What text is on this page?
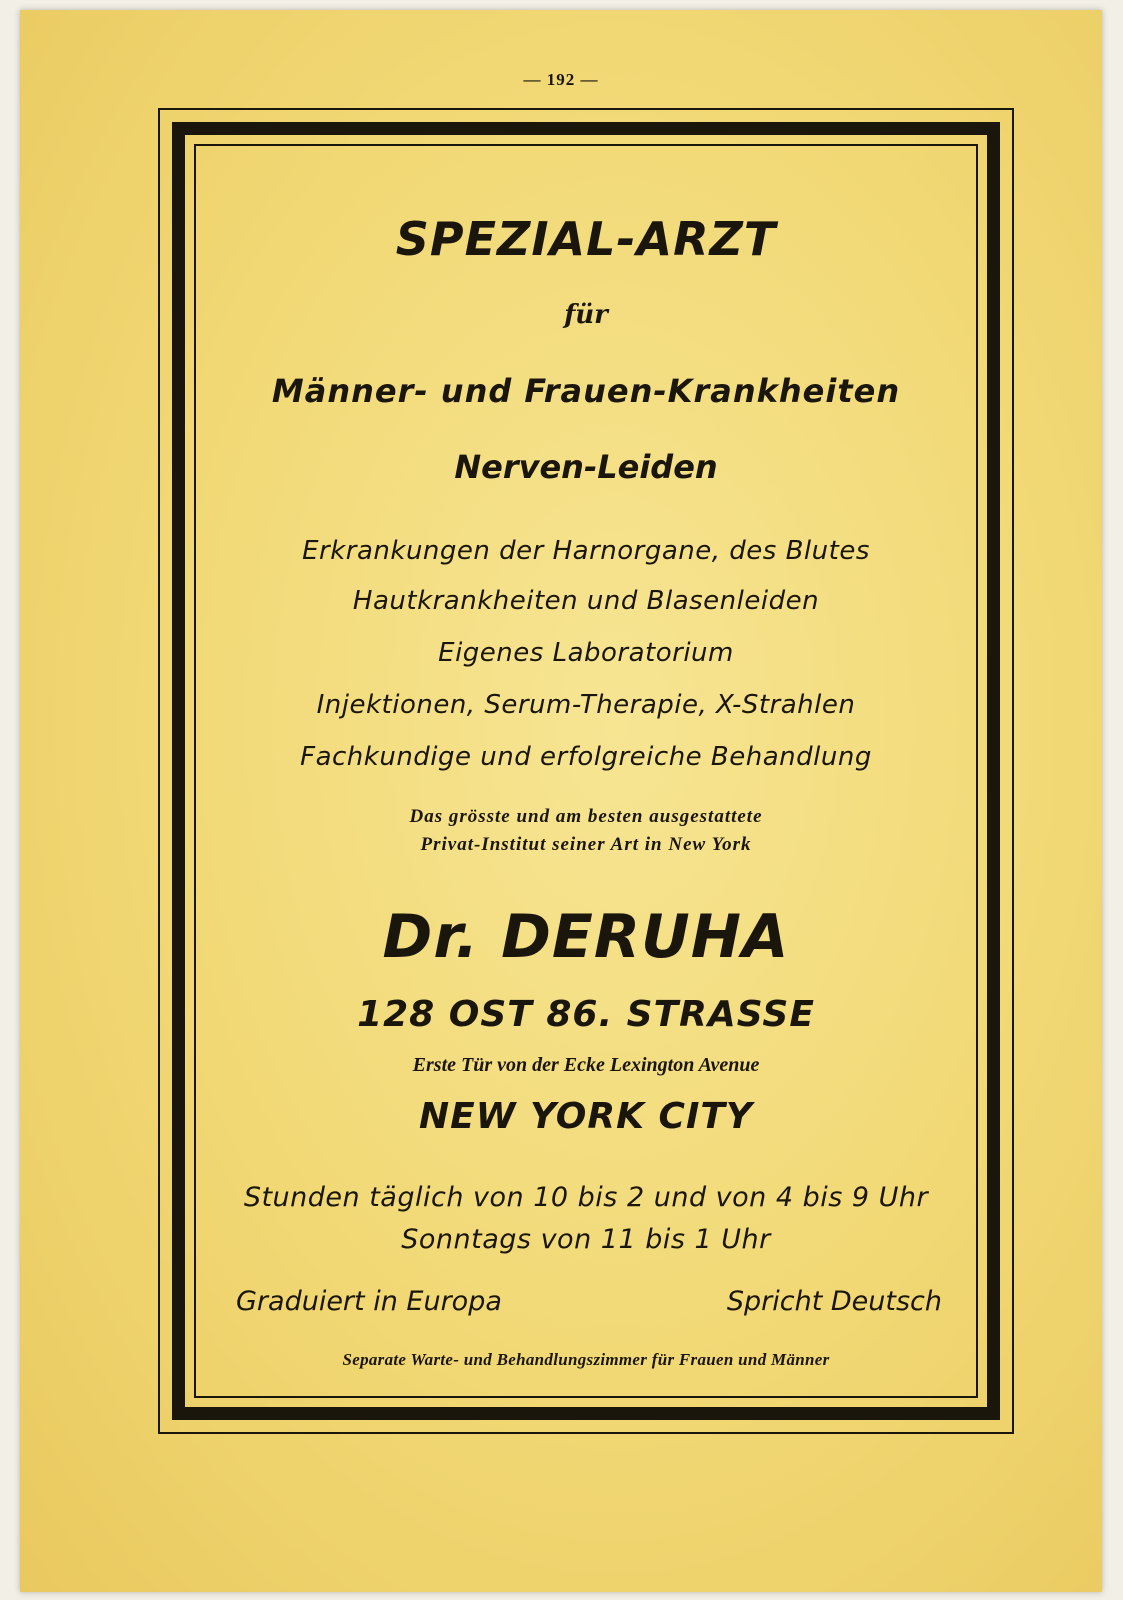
— 192 —
SPEZIAL-ARZT
für
Männer- und Frauen-Krankheiten
Nerven-Leiden
Erkrankungen der Harnorgane, des Blutes
Hautkrankheiten und Blasenleiden
Eigenes Laboratorium
Injektionen, Serum-Therapie, X-Strahlen
Fachkundige und erfolgreiche Behandlung
Das grösste und am besten ausgestattete
Privat-Institut seiner Art in New York
Dr. DERUHA
128 OST 86. STRASSE
Erste Tür von der Ecke Lexington Avenue
NEW YORK CITY
Stunden täglich von 10 bis 2 und von 4 bis 9 Uhr
Sonntags von 11 bis 1 Uhr
Graduiert in Europa	Spricht Deutsch
Separate Warte- und Behandlungszimmer für Frauen und Männer
